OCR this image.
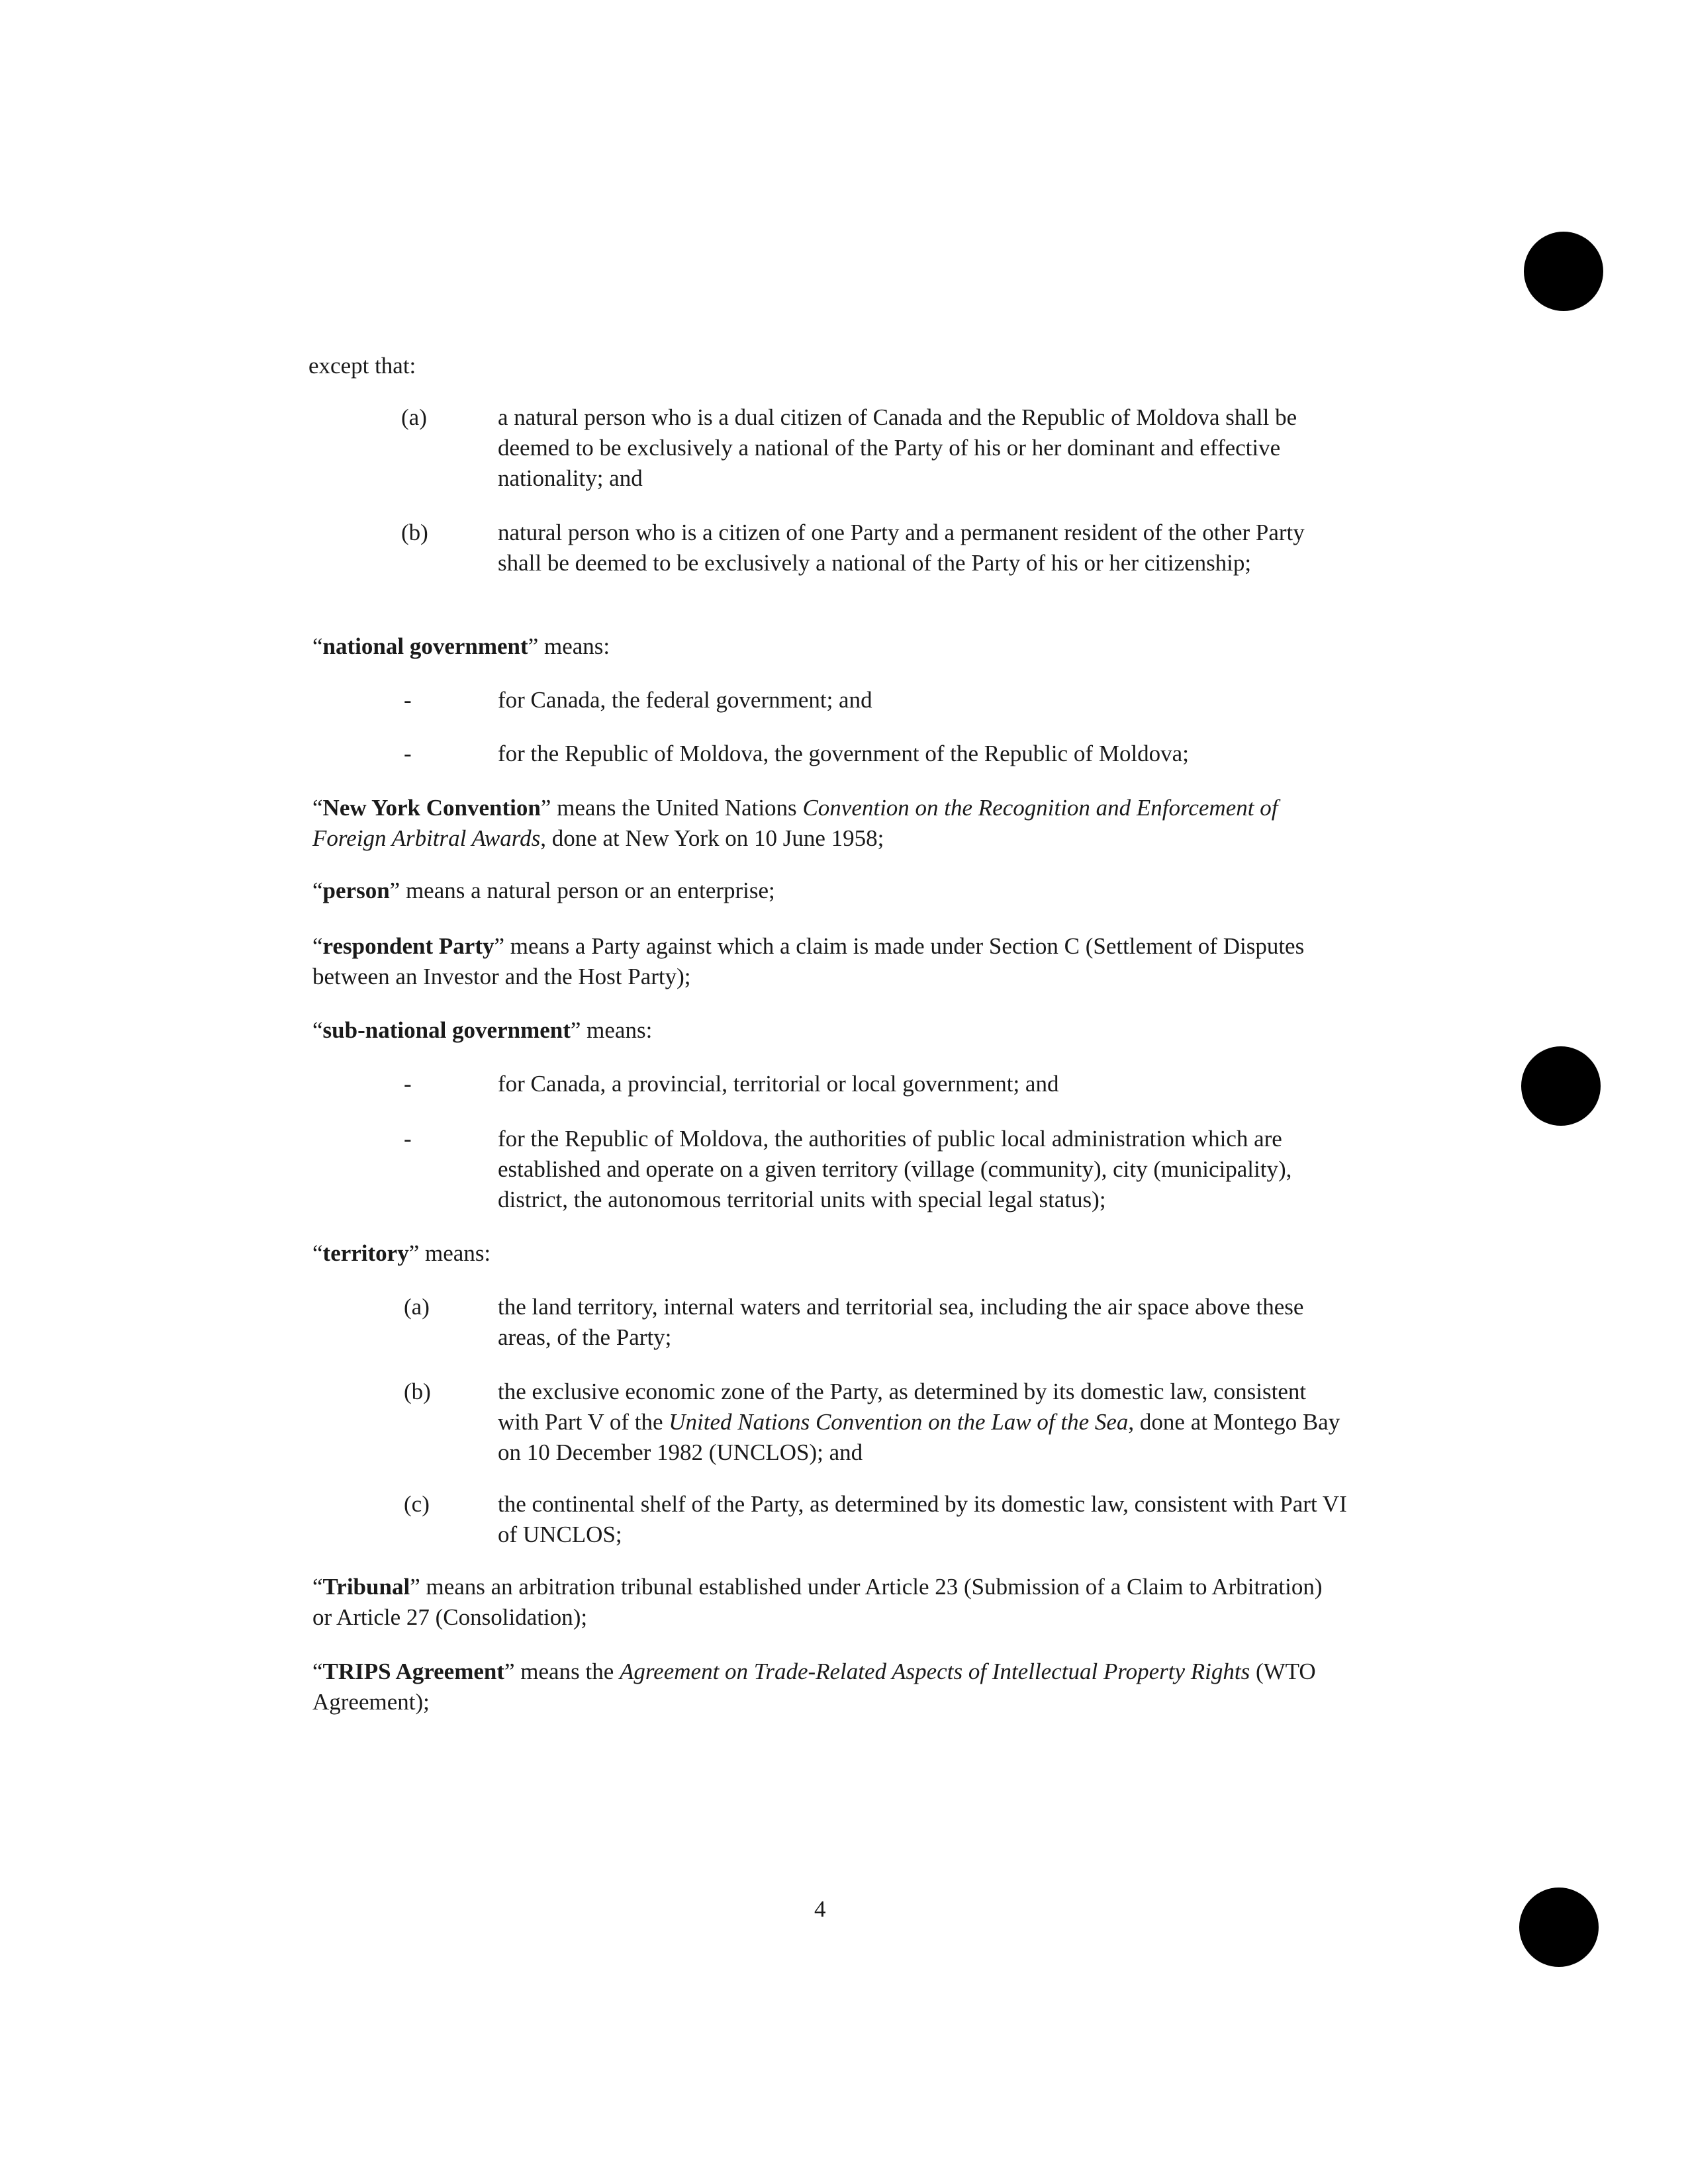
except that:
(a)	a natural person who is a dual citizen of Canada and the Republic of Moldova shall be deemed to be exclusively a national of the Party of his or her dominant and effective nationality; and
(b)	natural person who is a citizen of one Party and a permanent resident of the other Party shall be deemed to be exclusively a national of the Party of his or her citizenship;
“national government” means:
-	for Canada, the federal government; and
-	for the Republic of Moldova, the government of the Republic of Moldova;
“New York Convention” means the United Nations Convention on the Recognition and Enforcement of Foreign Arbitral Awards, done at New York on 10 June 1958;
“person” means a natural person or an enterprise;
“respondent Party” means a Party against which a claim is made under Section C (Settlement of Disputes between an Investor and the Host Party);
“sub-national government” means:
-	for Canada, a provincial, territorial or local government; and
-	for the Republic of Moldova, the authorities of public local administration which are established and operate on a given territory (village (community), city (municipality), district, the autonomous territorial units with special legal status);
“territory” means:
(a)	the land territory, internal waters and territorial sea, including the air space above these areas, of the Party;
(b)	the exclusive economic zone of the Party, as determined by its domestic law, consistent with Part V of the United Nations Convention on the Law of the Sea, done at Montego Bay on 10 December 1982 (UNCLOS); and
(c)	the continental shelf of the Party, as determined by its domestic law, consistent with Part VI of UNCLOS;
“Tribunal” means an arbitration tribunal established under Article 23 (Submission of a Claim to Arbitration) or Article 27 (Consolidation);
“TRIPS Agreement” means the Agreement on Trade-Related Aspects of Intellectual Property Rights (WTO Agreement);
4
